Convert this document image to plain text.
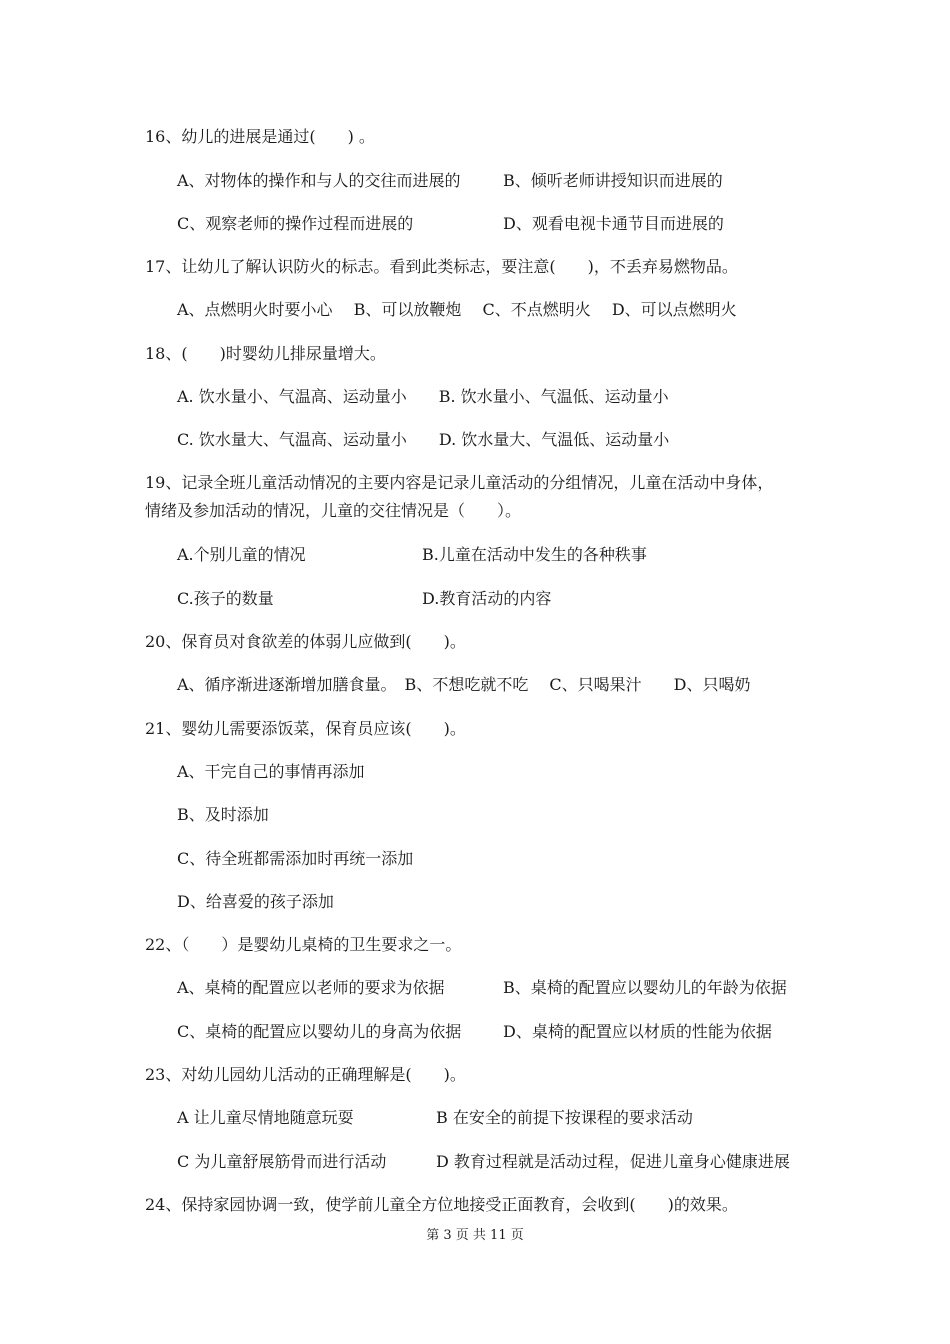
16、幼儿的进展是通过(　　) 。
A、对物体的操作和与人的交往而进展的	B、倾听老师讲授知识而进展的
C、观察老师的操作过程而进展的	D、观看电视卡通节目而进展的
17、让幼儿了解认识防火的标志。看到此类标志，要注意(　　)，不丢弃易燃物品。
A、点燃明火时要小心　 B、可以放鞭炮　 C、不点燃明火　 D、可以点燃明火
18、(　　)时婴幼儿排尿量增大。
A. 饮水量小、气温高、运动量小　　B. 饮水量小、气温低、运动量小
C. 饮水量大、气温高、运动量小　　D. 饮水量大、气温低、运动量小
19、记录全班儿童活动情况的主要内容是记录儿童活动的分组情况，儿童在活动中身体，
情绪及参加活动的情况，儿童的交往情况是（　　）。
A.个别儿童的情况	B.儿童在活动中发生的各种秩事
C.孩子的数量	D.教育活动的内容
20、保育员对食欲差的体弱儿应做到(　　)。
A、循序渐进逐渐增加膳食量。　B、不想吃就不吃　 C、只喝果汁　　D、只喝奶
21、婴幼儿需要添饭菜，保育员应该(　　)。
A、干完自己的事情再添加
B、及时添加
C、待全班都需添加时再统一添加
D、给喜爱的孩子添加
22、（　　）是婴幼儿桌椅的卫生要求之一。
A、桌椅的配置应以老师的要求为依据	B、桌椅的配置应以婴幼儿的年龄为依据
C、桌椅的配置应以婴幼儿的身高为依据	D、桌椅的配置应以材质的性能为依据
23、对幼儿园幼儿活动的正确理解是(　　)。
A 让儿童尽情地随意玩耍	B 在安全的前提下按课程的要求活动
C 为儿童舒展筋骨而进行活动	D 教育过程就是活动过程，促进儿童身心健康进展
24、保持家园协调一致，使学前儿童全方位地接受正面教育，会收到(　　)的效果。
第 3 页 共 11 页
